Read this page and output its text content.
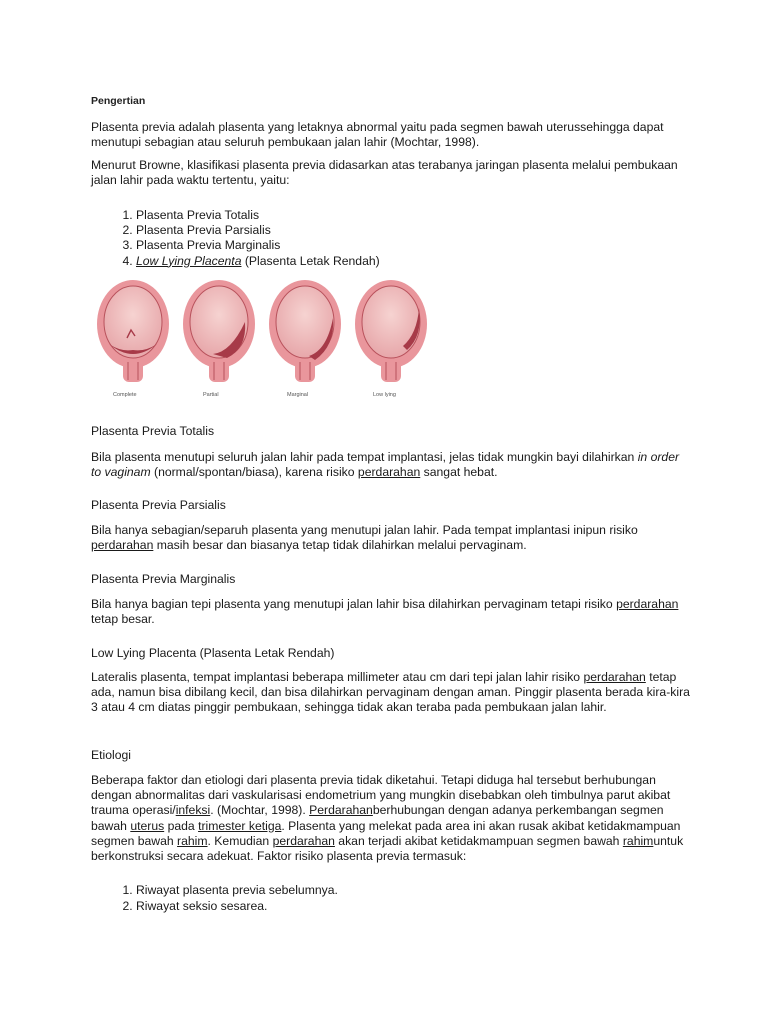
Pengertian

Plasenta previa adalah plasenta yang letaknya abnormal yaitu pada segmen bawah uterussehingga dapat menutupi sebagian atau seluruh pembukaan jalan lahir (Mochtar, 1998).

Menurut Browne, klasifikasi plasenta previa didasarkan atas terabanya jaringan plasenta melalui pembukaan jalan lahir pada waktu tertentu, yaitu:

1. Plasenta Previa Totalis
2. Plasenta Previa Parsialis
3. Plasenta Previa Marginalis
4. Low Lying Placenta (Plasenta Letak Rendah)
Complete	Partial	Marginal	Low lying
Plasenta Previa Totalis

Bila plasenta menutupi seluruh jalan lahir pada tempat implantasi, jelas tidak mungkin bayi dilahirkan in order to vaginam (normal/spontan/biasa), karena risiko perdarahan sangat hebat.

Plasenta Previa Parsialis

Bila hanya sebagian/separuh plasenta yang menutupi jalan lahir. Pada tempat implantasi inipun risiko perdarahan masih besar dan biasanya tetap tidak dilahirkan melalui pervaginam.

Plasenta Previa Marginalis

Bila hanya bagian tepi plasenta yang menutupi jalan lahir bisa dilahirkan pervaginam tetapi risiko perdarahan tetap besar.

Low Lying Placenta (Plasenta Letak Rendah)

Lateralis plasenta, tempat implantasi beberapa millimeter atau cm dari tepi jalan lahir risiko perdarahan tetap ada, namun bisa dibilang kecil, dan bisa dilahirkan pervaginam dengan aman. Pinggir plasenta berada kira-kira 3 atau 4 cm diatas pinggir pembukaan, sehingga tidak akan teraba pada pembukaan jalan lahir.

Etiologi

Beberapa faktor dan etiologi dari plasenta previa tidak diketahui. Tetapi diduga hal tersebut berhubungan dengan abnormalitas dari vaskularisasi endometrium yang mungkin disebabkan oleh timbulnya parut akibat trauma operasi/infeksi. (Mochtar, 1998). Perdarahanberhubungan dengan adanya perkembangan segmen bawah uterus pada trimester ketiga. Plasenta yang melekat pada area ini akan rusak akibat ketidakmampuan segmen bawah rahim. Kemudian perdarahan akan terjadi akibat ketidakmampuan segmen bawah rahimuntuk berkonstruksi secara adekuat. Faktor risiko plasenta previa termasuk:

1. Riwayat plasenta previa sebelumnya.
2. Riwayat seksio sesarea.
